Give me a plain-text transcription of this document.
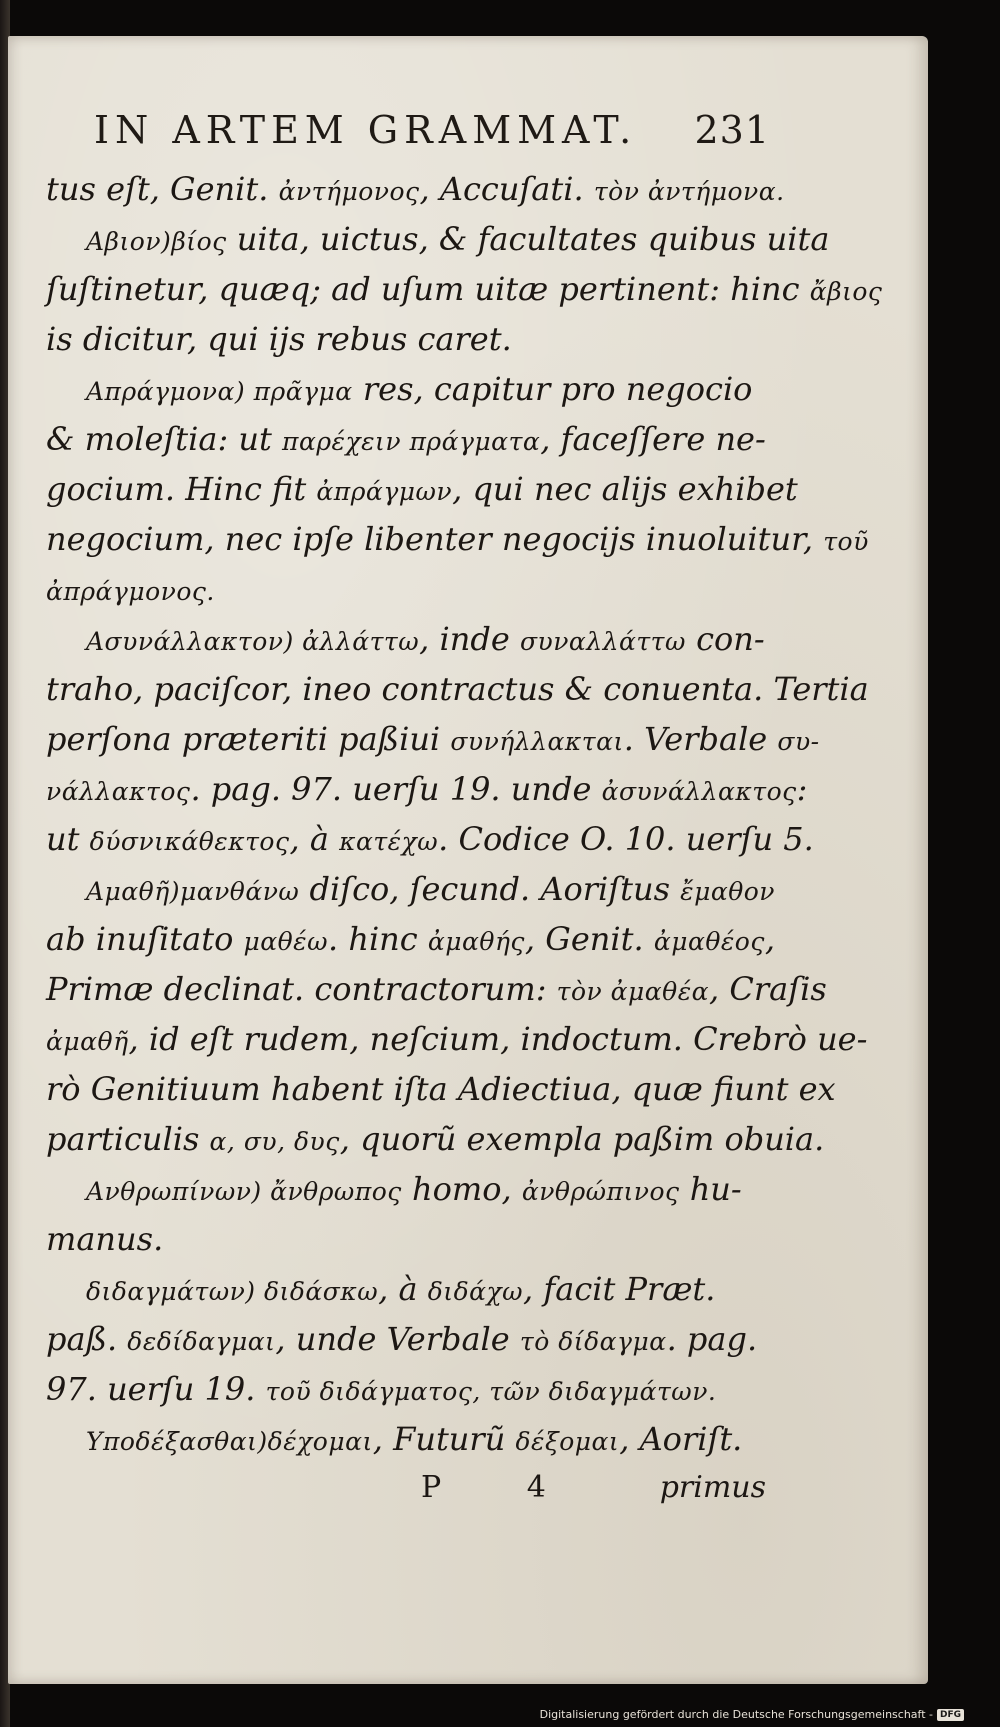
IN ARTEM GRAMMAT. 231
tus eſt, Genit. ἀντήμονος, Accuſati. τὸν ἀντήμονα.
Αβιον)βίος uita, uictus, & facultates quibus uita
ſuſtinetur, quæq; ad uſum uitæ pertinent: hinc ἄβιος
is dicitur, qui ijs rebus caret.
Απράγμονα) πρᾶγμα res, capitur pro negocio
& moleſtia: ut παρέχειν πράγματα, faceſſere ne-
gocium. Hinc fit ἀπράγμων, qui nec alijs exhibet
negocium, nec ipſe libenter negocijs inuoluitur, τοῦ
ἀπράγμονος.
Ασυνάλλακτον) ἀλλάττω, inde συναλλάττω con-
traho, paciſcor, ineo contractus & conuenta. Tertia
perſona præteriti paßiui συνήλλακται. Verbale συ-
νάλλακτος. pag. 97. uerſu 19. unde ἀσυνάλλακτος:
ut δύσνικάθεκτος, à κατέχω. Codice O. 10. uerſu 5.
Αμαθῆ)μανθάνω diſco, ſecund. Aoriſtus ἔμαθον
ab inuſitato μαθέω. hinc ἀμαθής, Genit. ἀμαθέος,
Primæ declinat. contractorum: τὸν ἀμαθέα, Craſis
ἀμαθῆ, id eſt rudem, neſcium, indoctum. Crebrò ue-
rò Genitiuum habent iſta Adiectiua, quæ fiunt ex
particulis α, συ, δυς, quorũ exempla paßim obuia.
Ανθρωπίνων) ἄνθρωπος homo, ἀνθρώπινος hu-
manus.
διδαγμάτων) διδάσκω, à διδάχω, facit Præt.
paß. δεδίδαγμαι, unde Verbale τὸ δίδαγμα. pag.
97. uerſu 19. τοῦ διδάγματος, τῶν διδαγμάτων.
Υποδέξασθαι)δέχομαι, Futurũ δέξομαι, Aoriſt.
P 4	primus
Digitalisierung gefördert durch die Deutsche Forschungsgemeinschaft - DFG
